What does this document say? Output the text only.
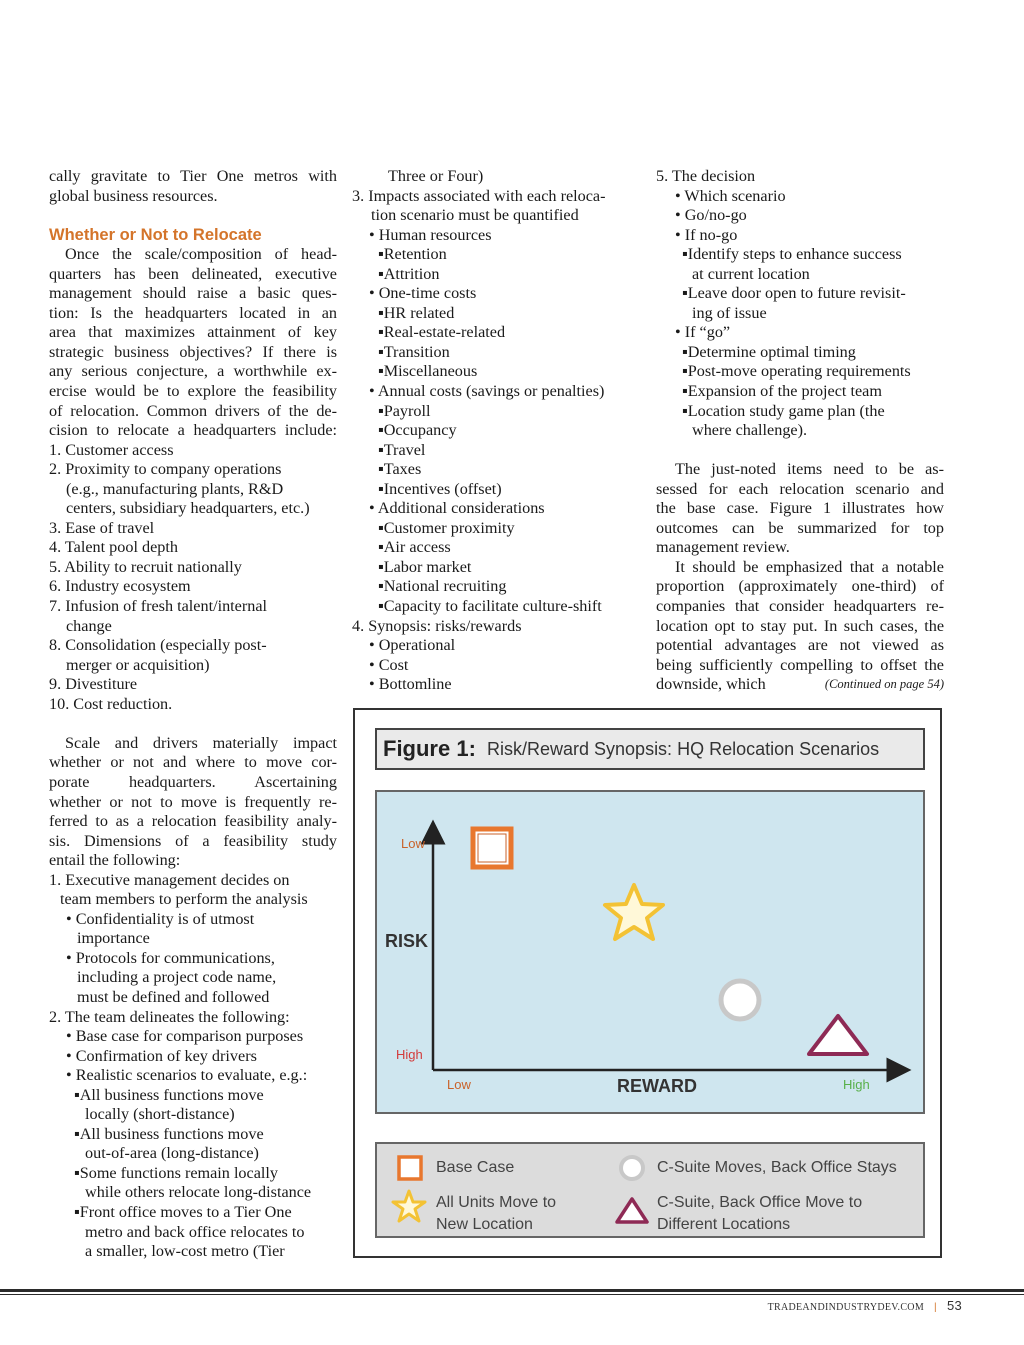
cally gravitate to Tier One metros with
global business resources.
Whether or Not to Relocate
Once the scale/composition of head-
quarters has been delineated, executive
management should raise a basic ques-
tion: Is the headquarters located in an
area that maximizes attainment of key
strategic business objectives? If there is
any serious conjecture, a worthwhile ex-
ercise would be to explore the feasibility
of relocation. Common drivers of the de-
cision to relocate a headquarters include:
1. Customer access
2. Proximity to company operations
(e.g., manufacturing plants, R&D
centers, subsidiary headquarters, etc.)
3. Ease of travel
4. Talent pool depth
5. Ability to recruit nationally
6. Industry ecosystem
7. Infusion of fresh talent/internal
change
8. Consolidation (especially post-
merger or acquisition)
9. Divestiture
10. Cost reduction.
Scale and drivers materially impact
whether or not and where to move cor-
porate headquarters. Ascertaining
whether or not to move is frequently re-
ferred to as a relocation feasibility analy-
sis. Dimensions of a feasibility study
entail the following:
1. Executive management decides on
team members to perform the analysis
• Confidentiality is of utmost
importance
• Protocols for communications,
including a project code name,
must be defined and followed
2. The team delineates the following:
• Base case for comparison purposes
• Confirmation of key drivers
• Realistic scenarios to evaluate, e.g.:
▪All business functions move
locally (short-distance)
▪All business functions move
out-of-area (long-distance)
▪Some functions remain locally
while others relocate long-distance
▪Front office moves to a Tier One
metro and back office relocates to
a smaller, low-cost metro (Tier
Three or Four)
3. Impacts associated with each reloca-
tion scenario must be quantified
• Human resources
▪Retention
▪Attrition
• One-time costs
▪HR related
▪Real-estate-related
▪Transition
▪Miscellaneous
• Annual costs (savings or penalties)
▪Payroll
▪Occupancy
▪Travel
▪Taxes
▪Incentives (offset)
• Additional considerations
▪Customer proximity
▪Air access
▪Labor market
▪National recruiting
▪Capacity to facilitate culture-shift
4. Synopsis: risks/rewards
• Operational
• Cost
• Bottomline
5. The decision
• Which scenario
• Go/no-go
• If no-go
▪Identify steps to enhance success
at current location
▪Leave door open to future revisit-
ing of issue
• If “go”
▪Determine optimal timing
▪Post-move operating requirements
▪Expansion of the project team
▪Location study game plan (the
where challenge).
The just-noted items need to be as-
sessed for each relocation scenario and
the base case. Figure 1 illustrates how
outcomes can be summarized for top
management review.
It should be emphasized that a notable
proportion (approximately one-third) of
companies that consider headquarters re-
location opt to stay put. In such cases, the
potential advantages are not viewed as
being sufficiently compelling to offset the
downside, which	(Continued on page 54)
Figure 1: Risk/Reward Synopsis: HQ Relocation Scenarios
Low
RISK
High
Low	REWARD	High
Base Case
All Units Move to
New Location
C-Suite Moves, Back Office Stays
C-Suite, Back Office Move to
Different Locations
TRADEANDINDUSTRYDEV.COM | 53
